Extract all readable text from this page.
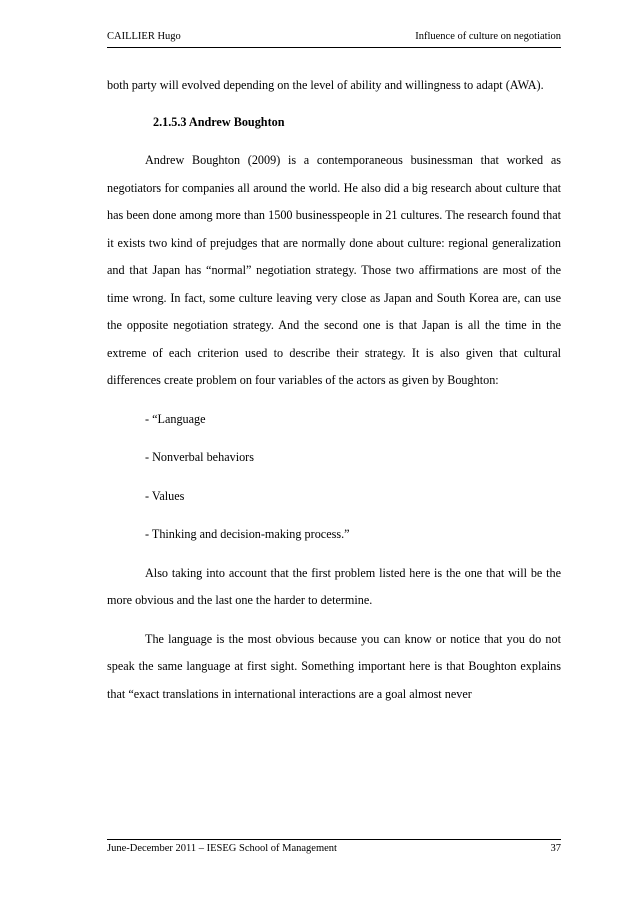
CAILLIER Hugo	Influence of culture on negotiation

both party will evolved depending on the level of ability and willingness to adapt (AWA).

2.1.5.3 Andrew Boughton

Andrew Boughton (2009) is a contemporaneous businessman that worked as negotiators for companies all around the world. He also did a big research about culture that has been done among more than 1500 businesspeople in 21 cultures. The research found that it exists two kind of prejudges that are normally done about culture: regional generalization and that Japan has “normal” negotiation strategy. Those two affirmations are most of the time wrong. In fact, some culture leaving very close as Japan and South Korea are, can use the opposite negotiation strategy. And the second one is that Japan is all the time in the extreme of each criterion used to describe their strategy. It is also given that cultural differences create problem on four variables of the actors as given by Boughton:

- “Language

- Nonverbal behaviors

- Values

- Thinking and decision-making process.”

Also taking into account that the first problem listed here is the one that will be the more obvious and the last one the harder to determine.

The language is the most obvious because you can know or notice that you do not speak the same language at first sight. Something important here is that Boughton explains that “exact translations in international interactions are a goal almost never

June-December 2011 – IESEG School of Management	37
